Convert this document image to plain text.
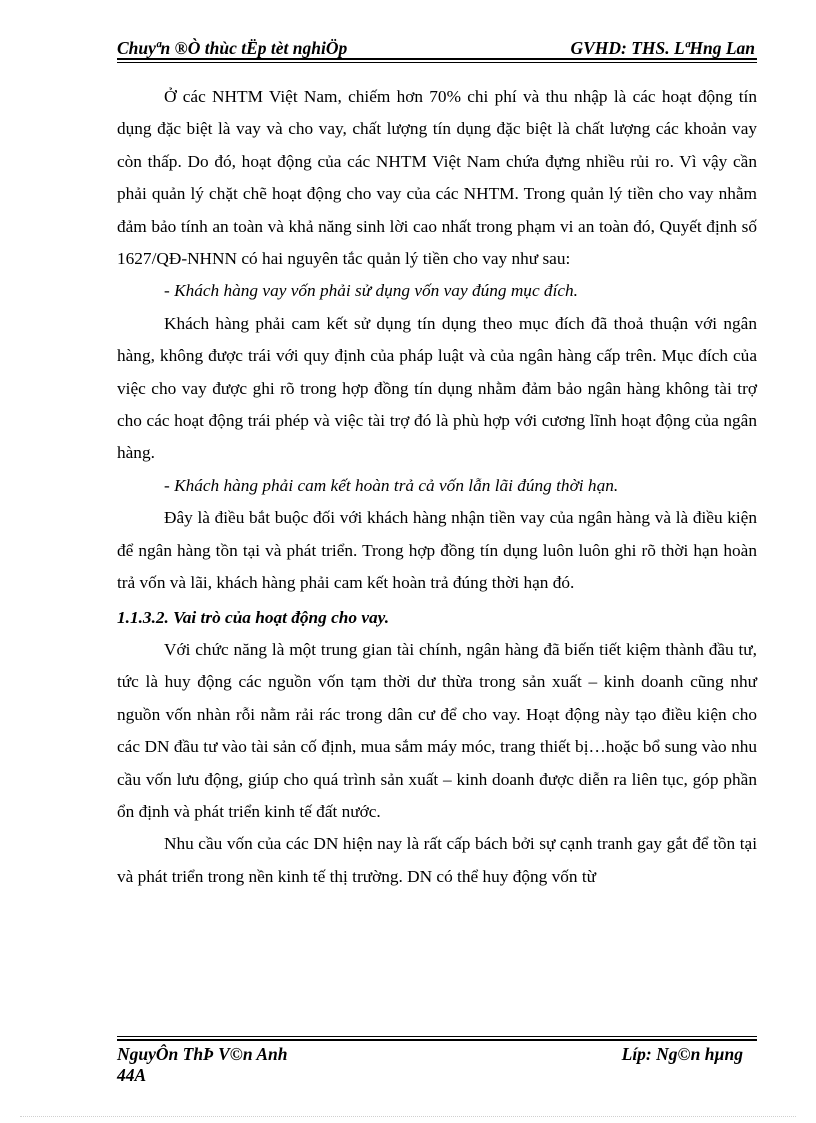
Chuyªn ®Ò thùc tËp tèt nghiÖp	GVHD: THS. LªHng Lan

Ở các NHTM Việt Nam, chiếm hơn 70% chi phí và thu nhập là các hoạt động tín dụng đặc biệt là vay và cho vay, chất lượng tín dụng đặc biệt là chất lượng các khoản vay còn thấp. Do đó, hoạt động của các NHTM Việt Nam chứa đựng nhiều rủi ro. Vì vậy cần phải quản lý chặt chẽ hoạt động cho vay của các NHTM. Trong quản lý tiền cho vay nhằm đảm bảo tính an toàn và khả năng sinh lời cao nhất trong phạm vi an toàn đó, Quyết định số 1627/QĐ-NHNN có hai nguyên tắc quản lý tiền cho vay như sau:

- Khách hàng vay vốn phải sử dụng vốn vay đúng mục đích.

Khách hàng phải cam kết sử dụng tín dụng theo mục đích đã thoả thuận với ngân hàng, không được trái với quy định của pháp luật và của ngân hàng cấp trên. Mục đích của việc cho vay được ghi rõ trong hợp đồng tín dụng nhằm đảm bảo ngân hàng không tài trợ cho các hoạt động trái phép và việc tài trợ đó là phù hợp với cương lĩnh hoạt động của ngân hàng.

- Khách hàng phải cam kết hoàn trả cả vốn lẫn lãi đúng thời hạn.

Đây là điều bắt buộc đối với khách hàng nhận tiền vay của ngân hàng và là điều kiện để ngân hàng tồn tại và phát triển. Trong hợp đồng tín dụng luôn luôn ghi rõ thời hạn hoàn trả vốn và lãi, khách hàng phải cam kết hoàn trả đúng thời hạn đó.

1.1.3.2. Vai trò của hoạt động cho vay.

Với chức năng là một trung gian tài chính, ngân hàng đã biến tiết kiệm thành đầu tư, tức là huy động các nguồn vốn tạm thời dư thừa trong sản xuất – kinh doanh cũng như nguồn vốn nhàn rỗi nằm rải rác trong dân cư để cho vay. Hoạt động này tạo điều kiện cho các DN đầu tư vào tài sản cố định, mua sắm máy móc, trang thiết bị…hoặc bổ sung vào nhu cầu vốn lưu động, giúp cho quá trình sản xuất – kinh doanh được diễn ra liên tục, góp phần ổn định và phát triển kinh tế đất nước.

Nhu cầu vốn của các DN hiện nay là rất cấp bách bởi sự cạnh tranh gay gắt để tồn tại và phát triển trong nền kinh tế thị trường. DN có thể huy động vốn từ

NguyÔn ThÞ V©n Anh
44A
Líp: Ng©n hµng
